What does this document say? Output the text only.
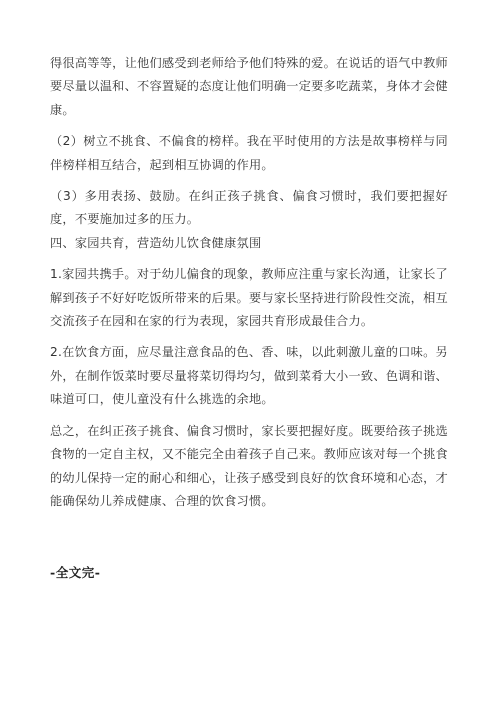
得很高等等，让他们感受到老师给予他们特殊的爱。在说话的语气中教师要尽量以温和、不容置疑的态度让他们明确一定要多吃蔬菜，身体才会健康。

（2）树立不挑食、不偏食的榜样。我在平时使用的方法是故事榜样与同伴榜样相互结合，起到相互协调的作用。

（3）多用表扬、鼓励。在纠正孩子挑食、偏食习惯时，我们要把握好度，不要施加过多的压力。

四、家园共育，营造幼儿饮食健康氛围

1.家园共携手。对于幼儿偏食的现象，教师应注重与家长沟通，让家长了解到孩子不好好吃饭所带来的后果。要与家长坚持进行阶段性交流，相互交流孩子在园和在家的行为表现，家园共育形成最佳合力。

2.在饮食方面，应尽量注意食品的色、香、味，以此刺激儿童的口味。另外，在制作饭菜时要尽量将菜切得均匀，做到菜肴大小一致、色调和谐、味道可口，使儿童没有什么挑选的余地。

总之，在纠正孩子挑食、偏食习惯时，家长要把握好度。既要给孩子挑选食物的一定自主权，又不能完全由着孩子自己来。教师应该对每一个挑食的幼儿保持一定的耐心和细心，让孩子感受到良好的饮食环境和心态，才能确保幼儿养成健康、合理的饮食习惯。

-全文完-
